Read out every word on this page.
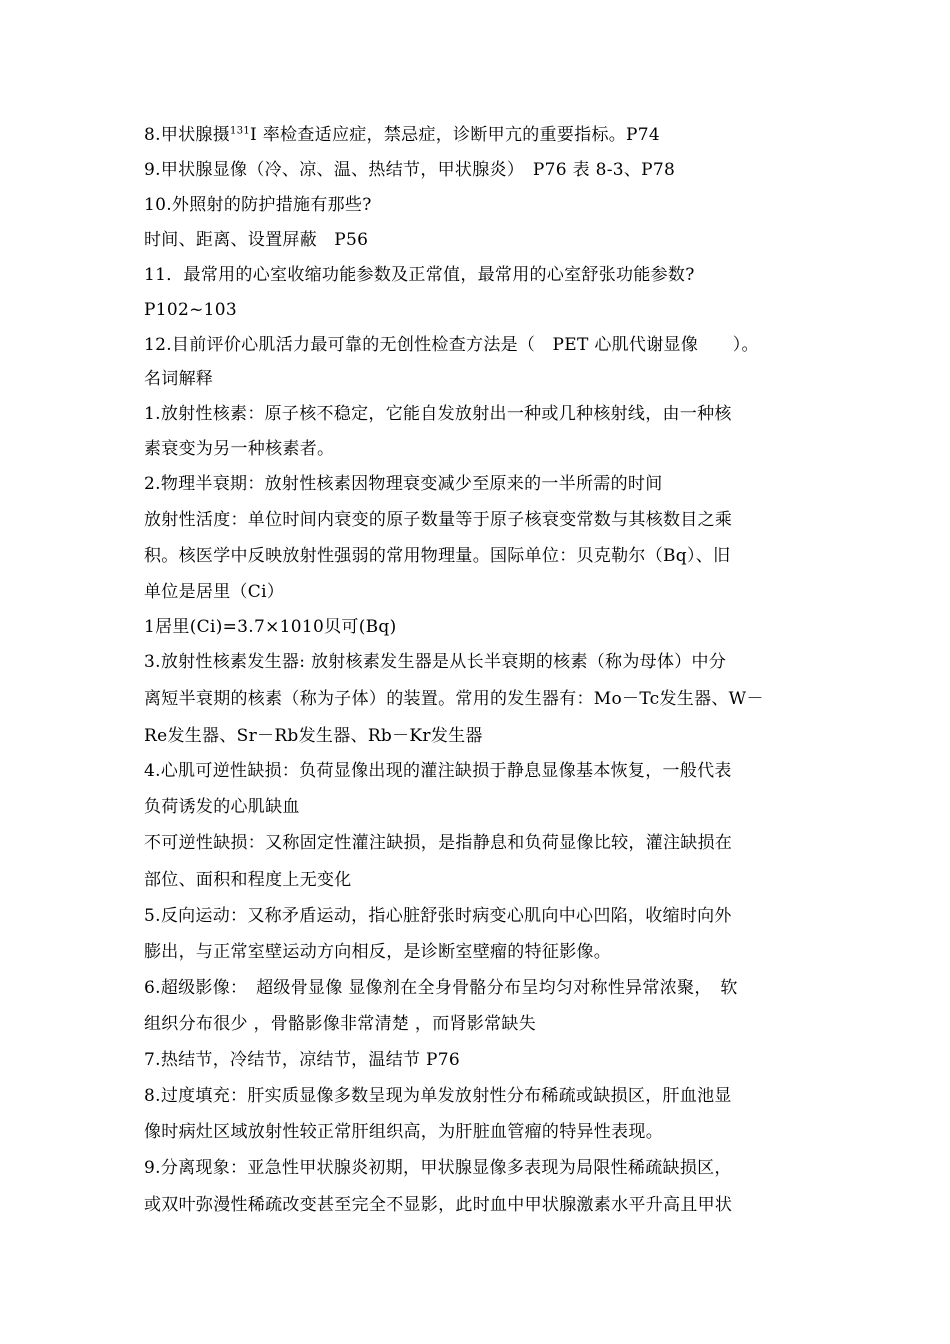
8.甲状腺摄$^{131}$I 率检查适应症，禁忌症，诊断甲亢的重要指标。P74
9.甲状腺显像（冷、凉、温、热结节，甲状腺炎）　P76 表 8-3、P78
10.外照射的防护措施有那些?
时间、距离、设置屏蔽　P56
11．最常用的心室收缩功能参数及正常值，最常用的心室舒张功能参数?
P102~103
12.目前评价心肌活力最可靠的无创性检查方法是（　PET 心肌代谢显像　　）。
名词解释
1.放射性核素：原子核不稳定，它能自发放射出一种或几种核射线，由一种核
素衰变为另一种核素者。
2.物理半衰期：放射性核素因物理衰变减少至原来的一半所需的时间
放射性活度：单位时间内衰变的原子数量等于原子核衰变常数与其核数目之乘
积。核医学中反映放射性强弱的常用物理量。国际单位：贝克勒尔（Bq）、旧
单位是居里（Ci）
1居里(Ci)=3.7×1010贝可(Bq)
3.放射性核素发生器: 放射核素发生器是从长半衰期的核素（称为母体）中分
离短半衰期的核素（称为子体）的装置。常用的发生器有：Mo－Tc发生器、W－
Re发生器、Sr－Rb发生器、Rb－Kr发生器
4.心肌可逆性缺损：负荷显像出现的灌注缺损于静息显像基本恢复，一般代表
负荷诱发的心肌缺血
不可逆性缺损：又称固定性灌注缺损，是指静息和负荷显像比较，灌注缺损在
部位、面积和程度上无变化
5.反向运动：又称矛盾运动，指心脏舒张时病变心肌向中心凹陷，收缩时向外
膨出，与正常室壁运动方向相反，是诊断室壁瘤的特征影像。
6.超级影像：　超级骨显像 显像剂在全身骨骼分布呈均匀对称性异常浓聚，　软
组织分布很少 ，骨骼影像非常清楚 ，而肾影常缺失
7.热结节，冷结节，凉结节，温结节 P76
8.过度填充：肝实质显像多数呈现为单发放射性分布稀疏或缺损区，肝血池显
像时病灶区域放射性较正常肝组织高，为肝脏血管瘤的特异性表现。
9.分离现象：亚急性甲状腺炎初期，甲状腺显像多表现为局限性稀疏缺损区，
或双叶弥漫性稀疏改变甚至完全不显影，此时血中甲状腺激素水平升高且甲状
